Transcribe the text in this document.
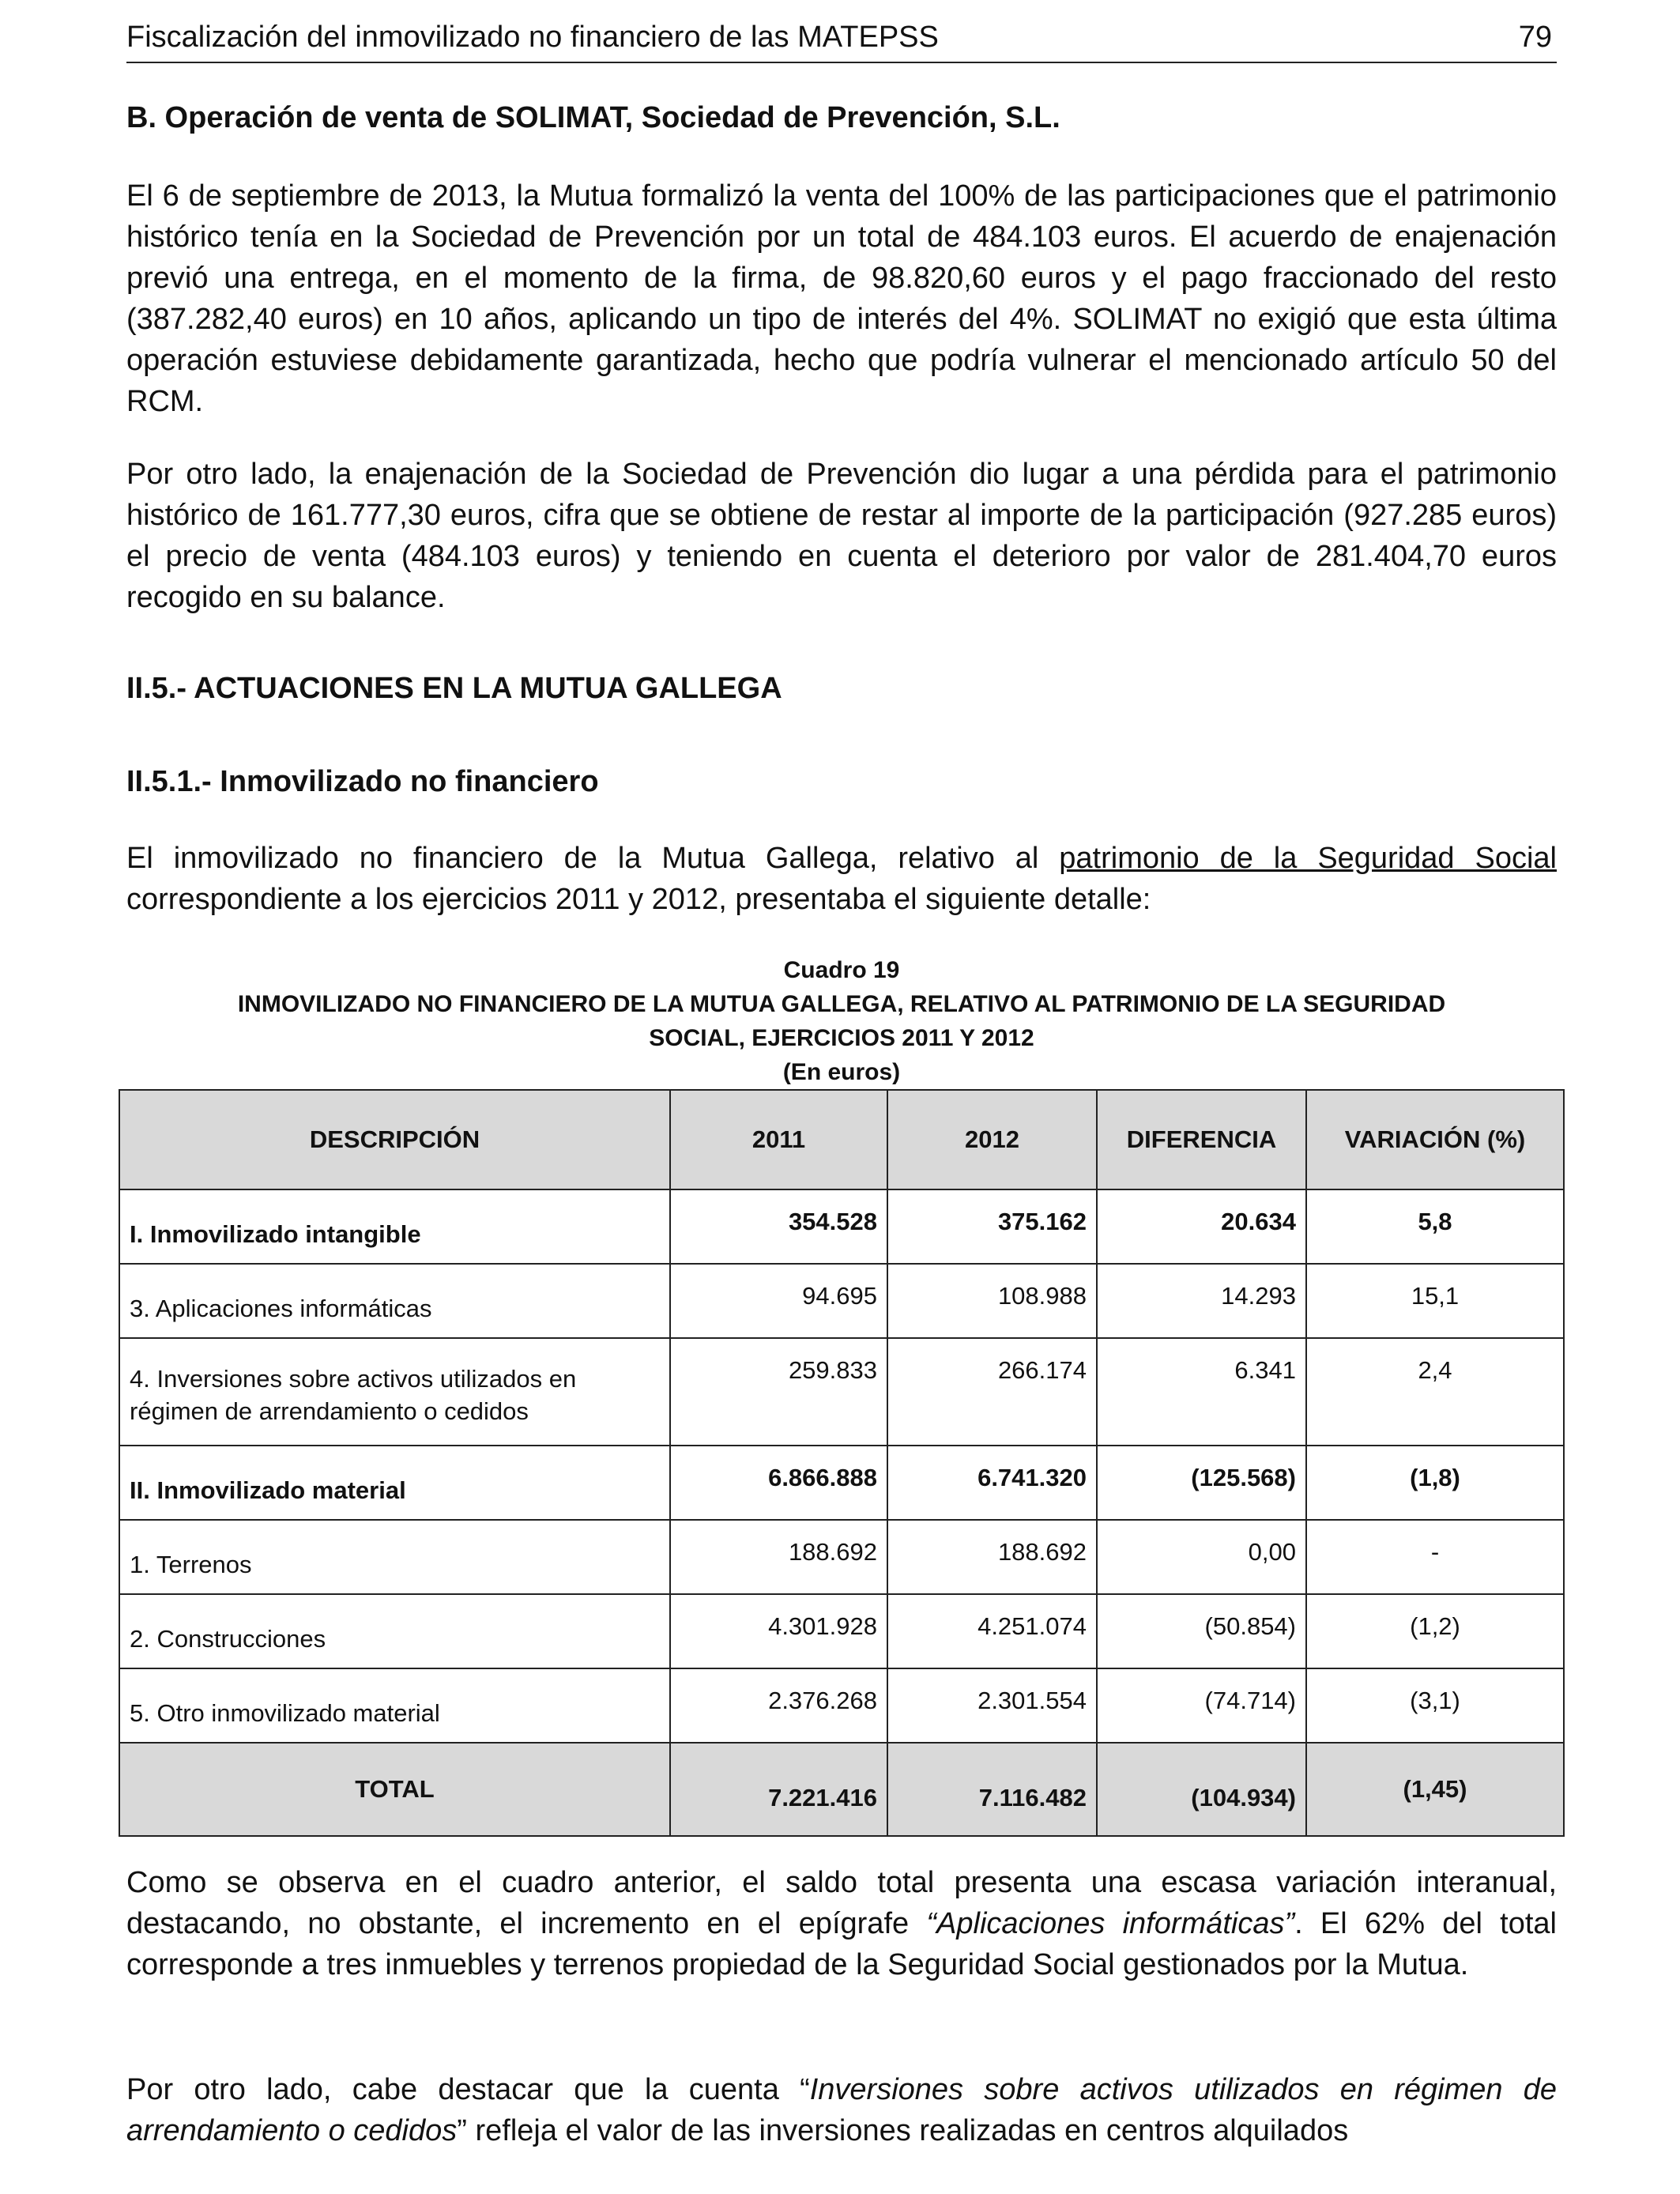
Fiscalización del inmovilizado no financiero de las MATEPSS	79
B. Operación de venta de SOLIMAT, Sociedad de Prevención, S.L.

El 6 de septiembre de 2013, la Mutua formalizó la venta del 100% de las participaciones que el patrimonio histórico tenía en la Sociedad de Prevención por un total de 484.103 euros. El acuerdo de enajenación previó una entrega, en el momento de la firma, de 98.820,60 euros y el pago fraccionado del resto (387.282,40 euros) en 10 años, aplicando un tipo de interés del 4%. SOLIMAT no exigió que esta última operación estuviese debidamente garantizada, hecho que podría vulnerar el mencionado artículo 50 del RCM.

Por otro lado, la enajenación de la Sociedad de Prevención dio lugar a una pérdida para el patrimonio histórico de 161.777,30 euros, cifra que se obtiene de restar al importe de la participación (927.285 euros) el precio de venta (484.103 euros) y teniendo en cuenta el deterioro por valor de 281.404,70 euros recogido en su balance.

II.5.- ACTUACIONES EN LA MUTUA GALLEGA
II.5.1.- Inmovilizado no financiero

El inmovilizado no financiero de la Mutua Gallega, relativo al patrimonio de la Seguridad Social correspondiente a los ejercicios 2011 y 2012, presentaba el siguiente detalle:

Cuadro 19
INMOVILIZADO NO FINANCIERO DE LA MUTUA GALLEGA, RELATIVO AL PATRIMONIO DE LA SEGURIDAD
SOCIAL, EJERCICIOS 2011 Y 2012
(En euros)
DESCRIPCIÓN	2011	2012	DIFERENCIA	VARIACIÓN (%)
I. Inmovilizado intangible	354.528	375.162	20.634	5,8
3. Aplicaciones informáticas	94.695	108.988	14.293	15,1
4. Inversiones sobre activos utilizados en régimen de arrendamiento o cedidos	259.833	266.174	6.341	2,4
II. Inmovilizado material	6.866.888	6.741.320	(125.568)	(1,8)
1. Terrenos	188.692	188.692	0,00	-
2. Construcciones	4.301.928	4.251.074	(50.854)	(1,2)
5. Otro inmovilizado material	2.376.268	2.301.554	(74.714)	(3,1)
TOTAL	7.221.416	7.116.482	(104.934)	(1,45)

Como se observa en el cuadro anterior, el saldo total presenta una escasa variación interanual, destacando, no obstante, el incremento en el epígrafe “Aplicaciones informáticas”. El 62% del total corresponde a tres inmuebles y terrenos propiedad de la Seguridad Social gestionados por la Mutua.

Por otro lado, cabe destacar que la cuenta “Inversiones sobre activos utilizados en régimen de arrendamiento o cedidos” refleja el valor de las inversiones realizadas en centros alquilados
